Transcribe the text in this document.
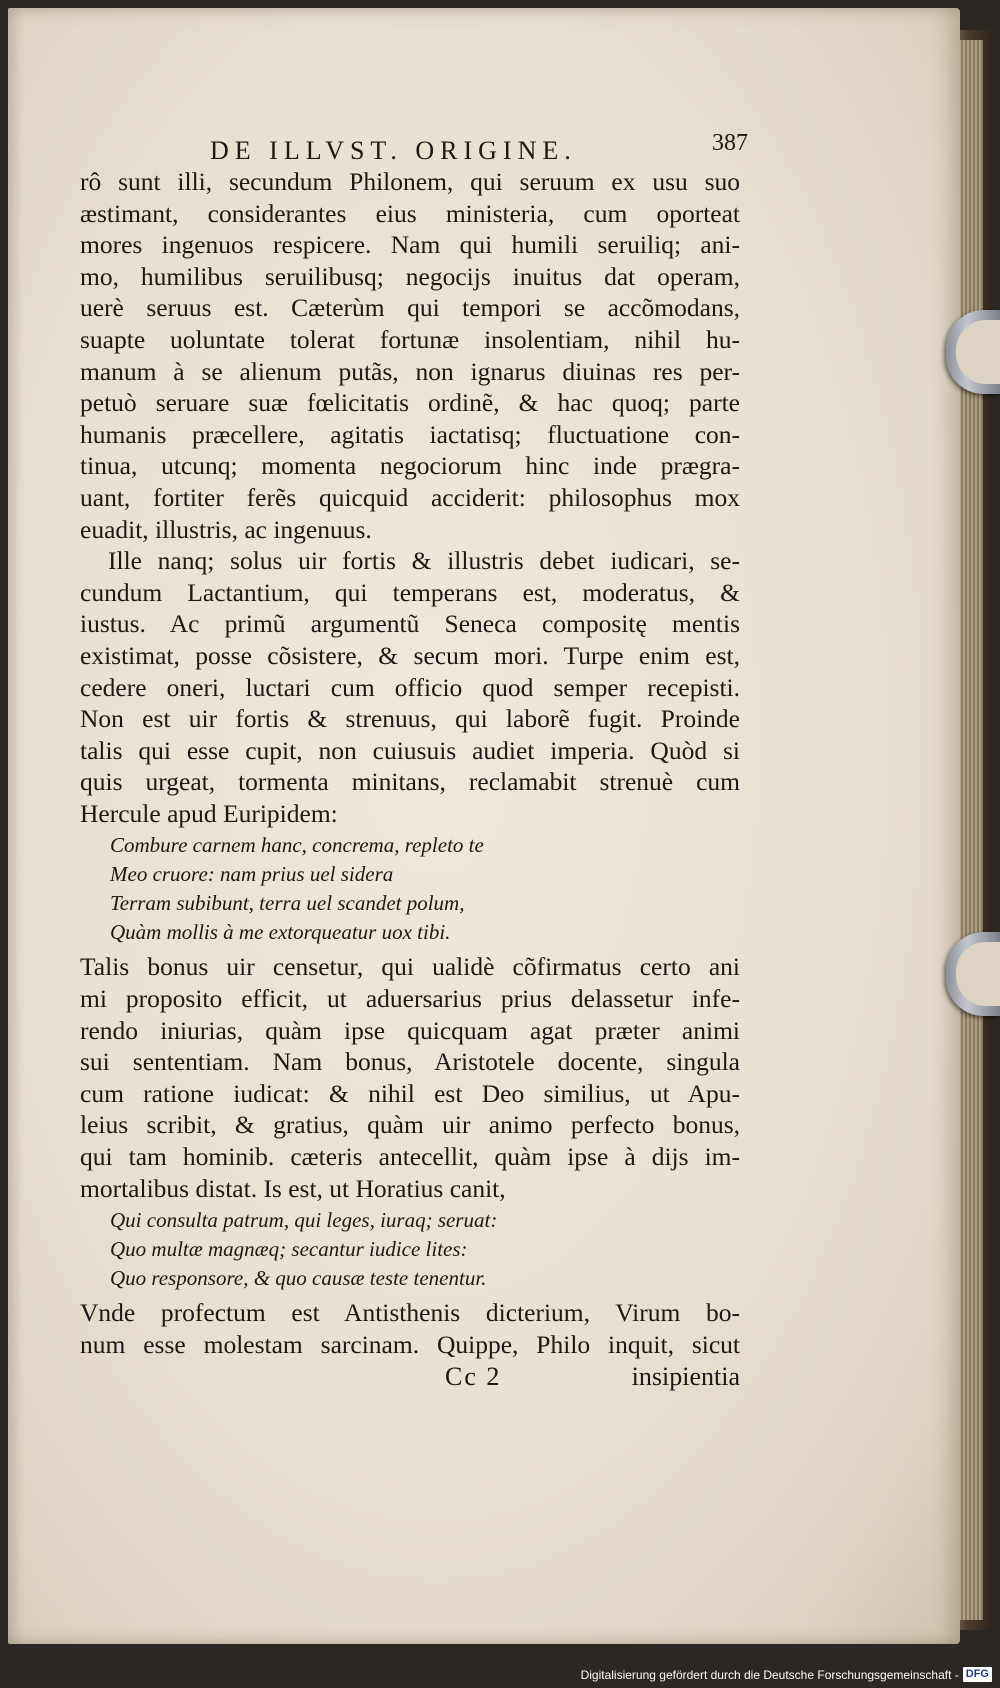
DE ILLVST. ORIGINE.	387
rô sunt illi, secundum Philonem, qui seruum ex usu suo
æstimant, considerantes eius ministeria, cum oporteat
mores ingenuos respicere. Nam qui humili seruiliq; ani-
mo, humilibus seruilibusq; negocijs inuitus dat operam,
uerè seruus est. Cæterùm qui tempori se accõmodans,
suapte uoluntate tolerat fortunæ insolentiam, nihil hu-
manum à se alienum putãs, non ignarus diuinas res per-
petuò seruare suæ fœlicitatis ordinẽ, & hac quoq; parte
humanis præcellere, agitatis iactatisq; fluctuatione con-
tinua, utcunq; momenta negociorum hinc inde prægra-
uant, fortiter ferẽs quicquid acciderit: philosophus mox
euadit, illustris, ac ingenuus.
Ille nanq; solus uir fortis & illustris debet iudicari, se-
cundum Lactantium, qui temperans est, moderatus, &
iustus. Ac primũ argumentũ Seneca compositę mentis
existimat, posse cõsistere, & secum mori. Turpe enim est,
cedere oneri, luctari cum officio quod semper recepisti.
Non est uir fortis & strenuus, qui laborẽ fugit. Proinde
talis qui esse cupit, non cuiusuis audiet imperia. Quòd si
quis urgeat, tormenta minitans, reclamabit strenuè cum
Hercule apud Euripidem:
Combure carnem hanc, concrema, repleto te
Meo cruore: nam prius uel sidera
Terram subibunt, terra uel scandet polum,
Quàm mollis à me extorqueatur uox tibi.
Talis bonus uir censetur, qui ualidè cõfirmatus certo ani
mi proposito efficit, ut aduersarius prius delassetur infe-
rendo iniurias, quàm ipse quicquam agat præter animi
sui sententiam. Nam bonus, Aristotele docente, singula
cum ratione iudicat: & nihil est Deo similius, ut Apu-
leius scribit, & gratius, quàm uir animo perfecto bonus,
qui tam hominib. cæteris antecellit, quàm ipse à dijs im-
mortalibus distat. Is est, ut Horatius canit,
Qui consulta patrum, qui leges, iuraq; seruat:
Quo multæ magnæq; secantur iudice lites:
Quo responsore, & quo causæ teste tenentur.
Vnde profectum est Antisthenis dicterium, Virum bo-
num esse molestam sarcinam. Quippe, Philo inquit, sicut
Cc 2	insipientia
Digitalisierung gefördert durch die Deutsche Forschungsgemeinschaft - DFG
